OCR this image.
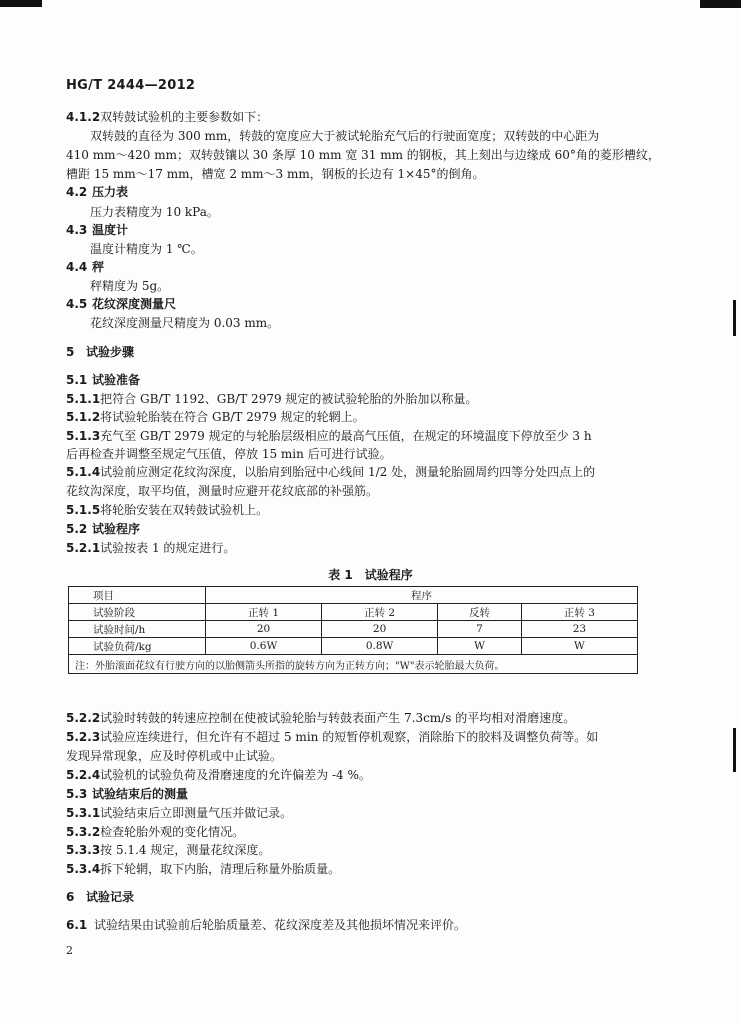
HG/T 2444—2012
4.1.2双转鼓试验机的主要参数如下：
双转鼓的直径为 300 mm，转鼓的宽度应大于被试轮胎充气后的行驶面宽度；双转鼓的中心距为
410 mm～420 mm；双转鼓镶以 30 条厚 10 mm 宽 31 mm 的钢板，其上刻出与边缘成 60°角的菱形槽纹，
槽距 15 mm～17 mm，槽宽 2 mm～3 mm，钢板的长边有 1×45°的倒角。
4.2 压力表
压力表精度为 10 kPa。
4.3 温度计
温度计精度为 1 ℃。
4.4 秤
秤精度为 5g。
4.5 花纹深度测量尺
花纹深度测量尺精度为 0.03 mm。
5 试验步骤
5.1 试验准备
5.1.1把符合 GB/T 1192、GB/T 2979 规定的被试验轮胎的外胎加以称量。
5.1.2将试验轮胎装在符合 GB/T 2979 规定的轮辋上。
5.1.3充气至 GB/T 2979 规定的与轮胎层级相应的最高气压值，在规定的环境温度下停放至少 3 h
后再检查并调整至规定气压值，停放 15 min 后可进行试验。
5.1.4试验前应测定花纹沟深度，以胎肩到胎冠中心线间 1/2 处，测量轮胎圆周约四等分处四点上的
花纹沟深度，取平均值，测量时应避开花纹底部的补强筋。
5.1.5将轮胎安装在双转鼓试验机上。
5.2 试验程序
5.2.1试验按表 1 的规定进行。
表 1　试验程序
项目	程序			
试验阶段	正转 1	正转 2	反转	正转 3
试验时间/h	20	20	7	23
试验负荷/kg	0.6W	0.8W	W	W
注：外胎滚面花纹有行驶方向的以胎侧箭头所指的旋转方向为正转方向；"W"表示轮胎最大负荷。				
5.2.2试验时转鼓的转速应控制在使被试验轮胎与转鼓表面产生 7.3cm/s 的平均相对滑磨速度。
5.2.3试验应连续进行，但允许有不超过 5 min 的短暂停机观察，消除胎下的胶料及调整负荷等。如
发现异常现象，应及时停机或中止试验。
5.2.4试验机的试验负荷及滑磨速度的允许偏差为 -4 %。
5.3 试验结束后的测量
5.3.1试验结束后立即测量气压并做记录。
5.3.2检查轮胎外观的变化情况。
5.3.3按 5.1.4 规定，测量花纹深度。
5.3.4拆下轮辋，取下内胎，清理后称量外胎质量。
6 试验记录
6.1 试验结果由试验前后轮胎质量差、花纹深度差及其他损坏情况来评价。
2
